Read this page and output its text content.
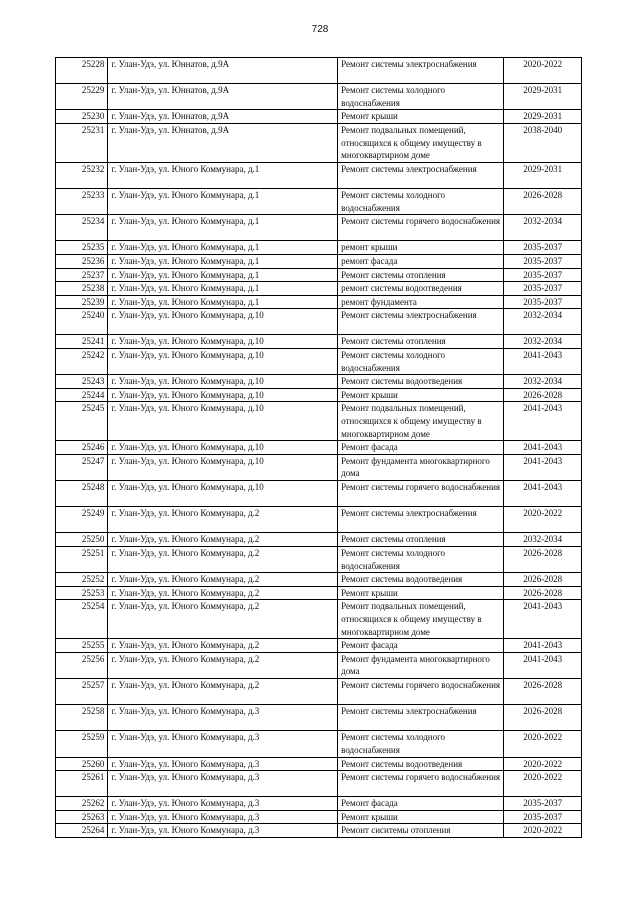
728
25228	г. Улан-Удэ, ул. Юннатов, д.9А	Ремонт системы электроснабжения	2020-2022
25229	г. Улан-Удэ, ул. Юннатов, д.9А	Ремонт системы холодного водоснабжения	2029-2031
25230	г. Улан-Удэ, ул. Юннатов, д.9А	Ремонт крыши	2029-2031
25231	г. Улан-Удэ, ул. Юннатов, д.9А	Ремонт подвальных помещений, относящихся к общему имуществу в многоквартирном доме	2038-2040
25232	г. Улан-Удэ, ул. Юного Коммунара, д.1	Ремонт системы электроснабжения	2029-2031
25233	г. Улан-Удэ, ул. Юного Коммунара, д.1	Ремонт системы холодного водоснабжения	2026-2028
25234	г. Улан-Удэ, ул. Юного Коммунара, д.1	Ремонт системы горячего водоснабжения	2032-2034
25235	г. Улан-Удэ, ул. Юного Коммунара, д.1	ремонт крыши	2035-2037
25236	г. Улан-Удэ, ул. Юного Коммунара, д.1	ремонт фасада	2035-2037
25237	г. Улан-Удэ, ул. Юного Коммунара, д.1	Ремонт системы отопления	2035-2037
25238	г. Улан-Удэ, ул. Юного Коммунара, д.1	ремонт системы водоотведения	2035-2037
25239	г. Улан-Удэ, ул. Юного Коммунара, д.1	ремонт фундамента	2035-2037
25240	г. Улан-Удэ, ул. Юного Коммунара, д.10	Ремонт системы электроснабжения	2032-2034
25241	г. Улан-Удэ, ул. Юного Коммунара, д.10	Ремонт системы отопления	2032-2034
25242	г. Улан-Удэ, ул. Юного Коммунара, д.10	Ремонт системы холодного водоснабжения	2041-2043
25243	г. Улан-Удэ, ул. Юного Коммунара, д.10	Ремонт системы водоотведения	2032-2034
25244	г. Улан-Удэ, ул. Юного Коммунара, д.10	Ремонт крыши	2026-2028
25245	г. Улан-Удэ, ул. Юного Коммунара, д.10	Ремонт подвальных помещений, относящихся к общему имуществу в многоквартирном доме	2041-2043
25246	г. Улан-Удэ, ул. Юного Коммунара, д.10	Ремонт фасада	2041-2043
25247	г. Улан-Удэ, ул. Юного Коммунара, д.10	Ремонт фундамента многоквартирного дома	2041-2043
25248	г. Улан-Удэ, ул. Юного Коммунара, д.10	Ремонт системы горячего водоснабжения	2041-2043
25249	г. Улан-Удэ, ул. Юного Коммунара, д.2	Ремонт системы электроснабжения	2020-2022
25250	г. Улан-Удэ, ул. Юного Коммунара, д.2	Ремонт системы отопления	2032-2034
25251	г. Улан-Удэ, ул. Юного Коммунара, д.2	Ремонт системы холодного водоснабжения	2026-2028
25252	г. Улан-Удэ, ул. Юного Коммунара, д.2	Ремонт системы водоотведения	2026-2028
25253	г. Улан-Удэ, ул. Юного Коммунара, д.2	Ремонт крыши	2026-2028
25254	г. Улан-Удэ, ул. Юного Коммунара, д.2	Ремонт подвальных помещений, относящихся к общему имуществу в многоквартирном доме	2041-2043
25255	г. Улан-Удэ, ул. Юного Коммунара, д.2	Ремонт фасада	2041-2043
25256	г. Улан-Удэ, ул. Юного Коммунара, д.2	Ремонт фундамента многоквартирного дома	2041-2043
25257	г. Улан-Удэ, ул. Юного Коммунара, д.2	Ремонт системы горячего водоснабжения	2026-2028
25258	г. Улан-Удэ, ул. Юного Коммунара, д.3	Ремонт системы электроснабжения	2026-2028
25259	г. Улан-Удэ, ул. Юного Коммунара, д.3	Ремонт системы холодного водоснабжения	2020-2022
25260	г. Улан-Удэ, ул. Юного Коммунара, д.3	Ремонт системы водоотведения	2020-2022
25261	г. Улан-Удэ, ул. Юного Коммунара, д.3	Ремонт системы горячего водоснабжения	2020-2022
25262	г. Улан-Удэ, ул. Юного Коммунара, д.3	Ремонт фасада	2035-2037
25263	г. Улан-Удэ, ул. Юного Коммунара, д.3	Ремонт крыши	2035-2037
25264	г. Улан-Удэ, ул. Юного Коммунара, д.3	Ремонт сиситемы отопления	2020-2022
